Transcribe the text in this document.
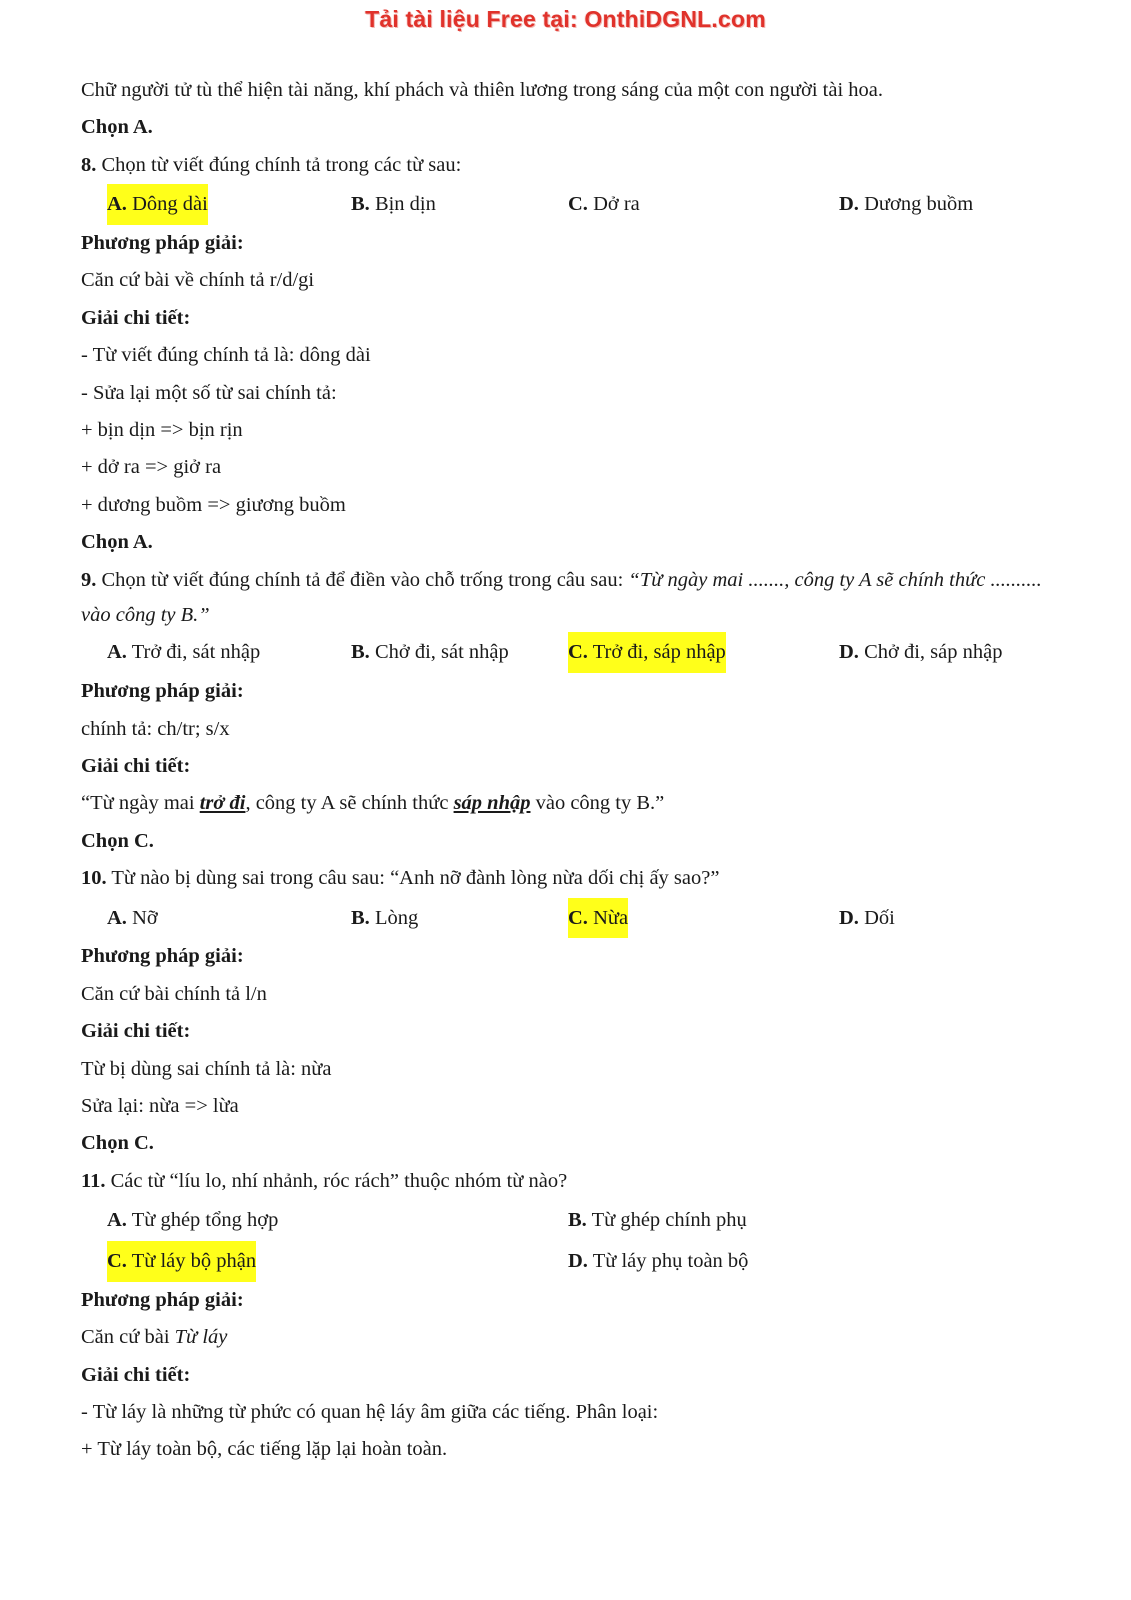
Tải tài liệu Free tại: OnthiDGNL.com
Chữ người tử tù thể hiện tài năng, khí phách và thiên lương trong sáng của một con người tài hoa.
Chọn A.
8. Chọn từ viết đúng chính tả trong các từ sau:
A. Dông dài	B. Bịn dịn	C. Dở ra	D. Dương buồm
Phương pháp giải:
Căn cứ bài về chính tả r/d/gi
Giải chi tiết:
- Từ viết đúng chính tả là: dông dài
- Sửa lại một số từ sai chính tả:
+ bịn dịn => bịn rịn
+ dở ra => giở ra
+ dương buồm => giương buồm
Chọn A.
9. Chọn từ viết đúng chính tả để điền vào chỗ trống trong câu sau: “Từ ngày mai ......., công ty A sẽ chính thức .......... vào công ty B.”
A. Trở đi, sát nhập	B. Chở đi, sát nhập	C. Trở đi, sáp nhập	D. Chở đi, sáp nhập
Phương pháp giải:
chính tả: ch/tr; s/x
Giải chi tiết:
“Từ ngày mai trở đi, công ty A sẽ chính thức sáp nhập vào công ty B.”
Chọn C.
10. Từ nào bị dùng sai trong câu sau: “Anh nỡ đành lòng nừa dối chị ấy sao?”
A. Nỡ	B. Lòng	C. Nừa	D. Dối
Phương pháp giải:
Căn cứ bài chính tả l/n
Giải chi tiết:
Từ bị dùng sai chính tả là: nừa
Sửa lại: nừa => lừa
Chọn C.
11. Các từ “líu lo, nhí nhảnh, róc rách” thuộc nhóm từ nào?
A. Từ ghép tổng hợp	B. Từ ghép chính phụ
C. Từ láy bộ phận	D. Từ láy phụ toàn bộ
Phương pháp giải:
Căn cứ bài Từ láy
Giải chi tiết:
- Từ láy là những từ phức có quan hệ láy âm giữa các tiếng. Phân loại:
+ Từ láy toàn bộ, các tiếng lặp lại hoàn toàn.
